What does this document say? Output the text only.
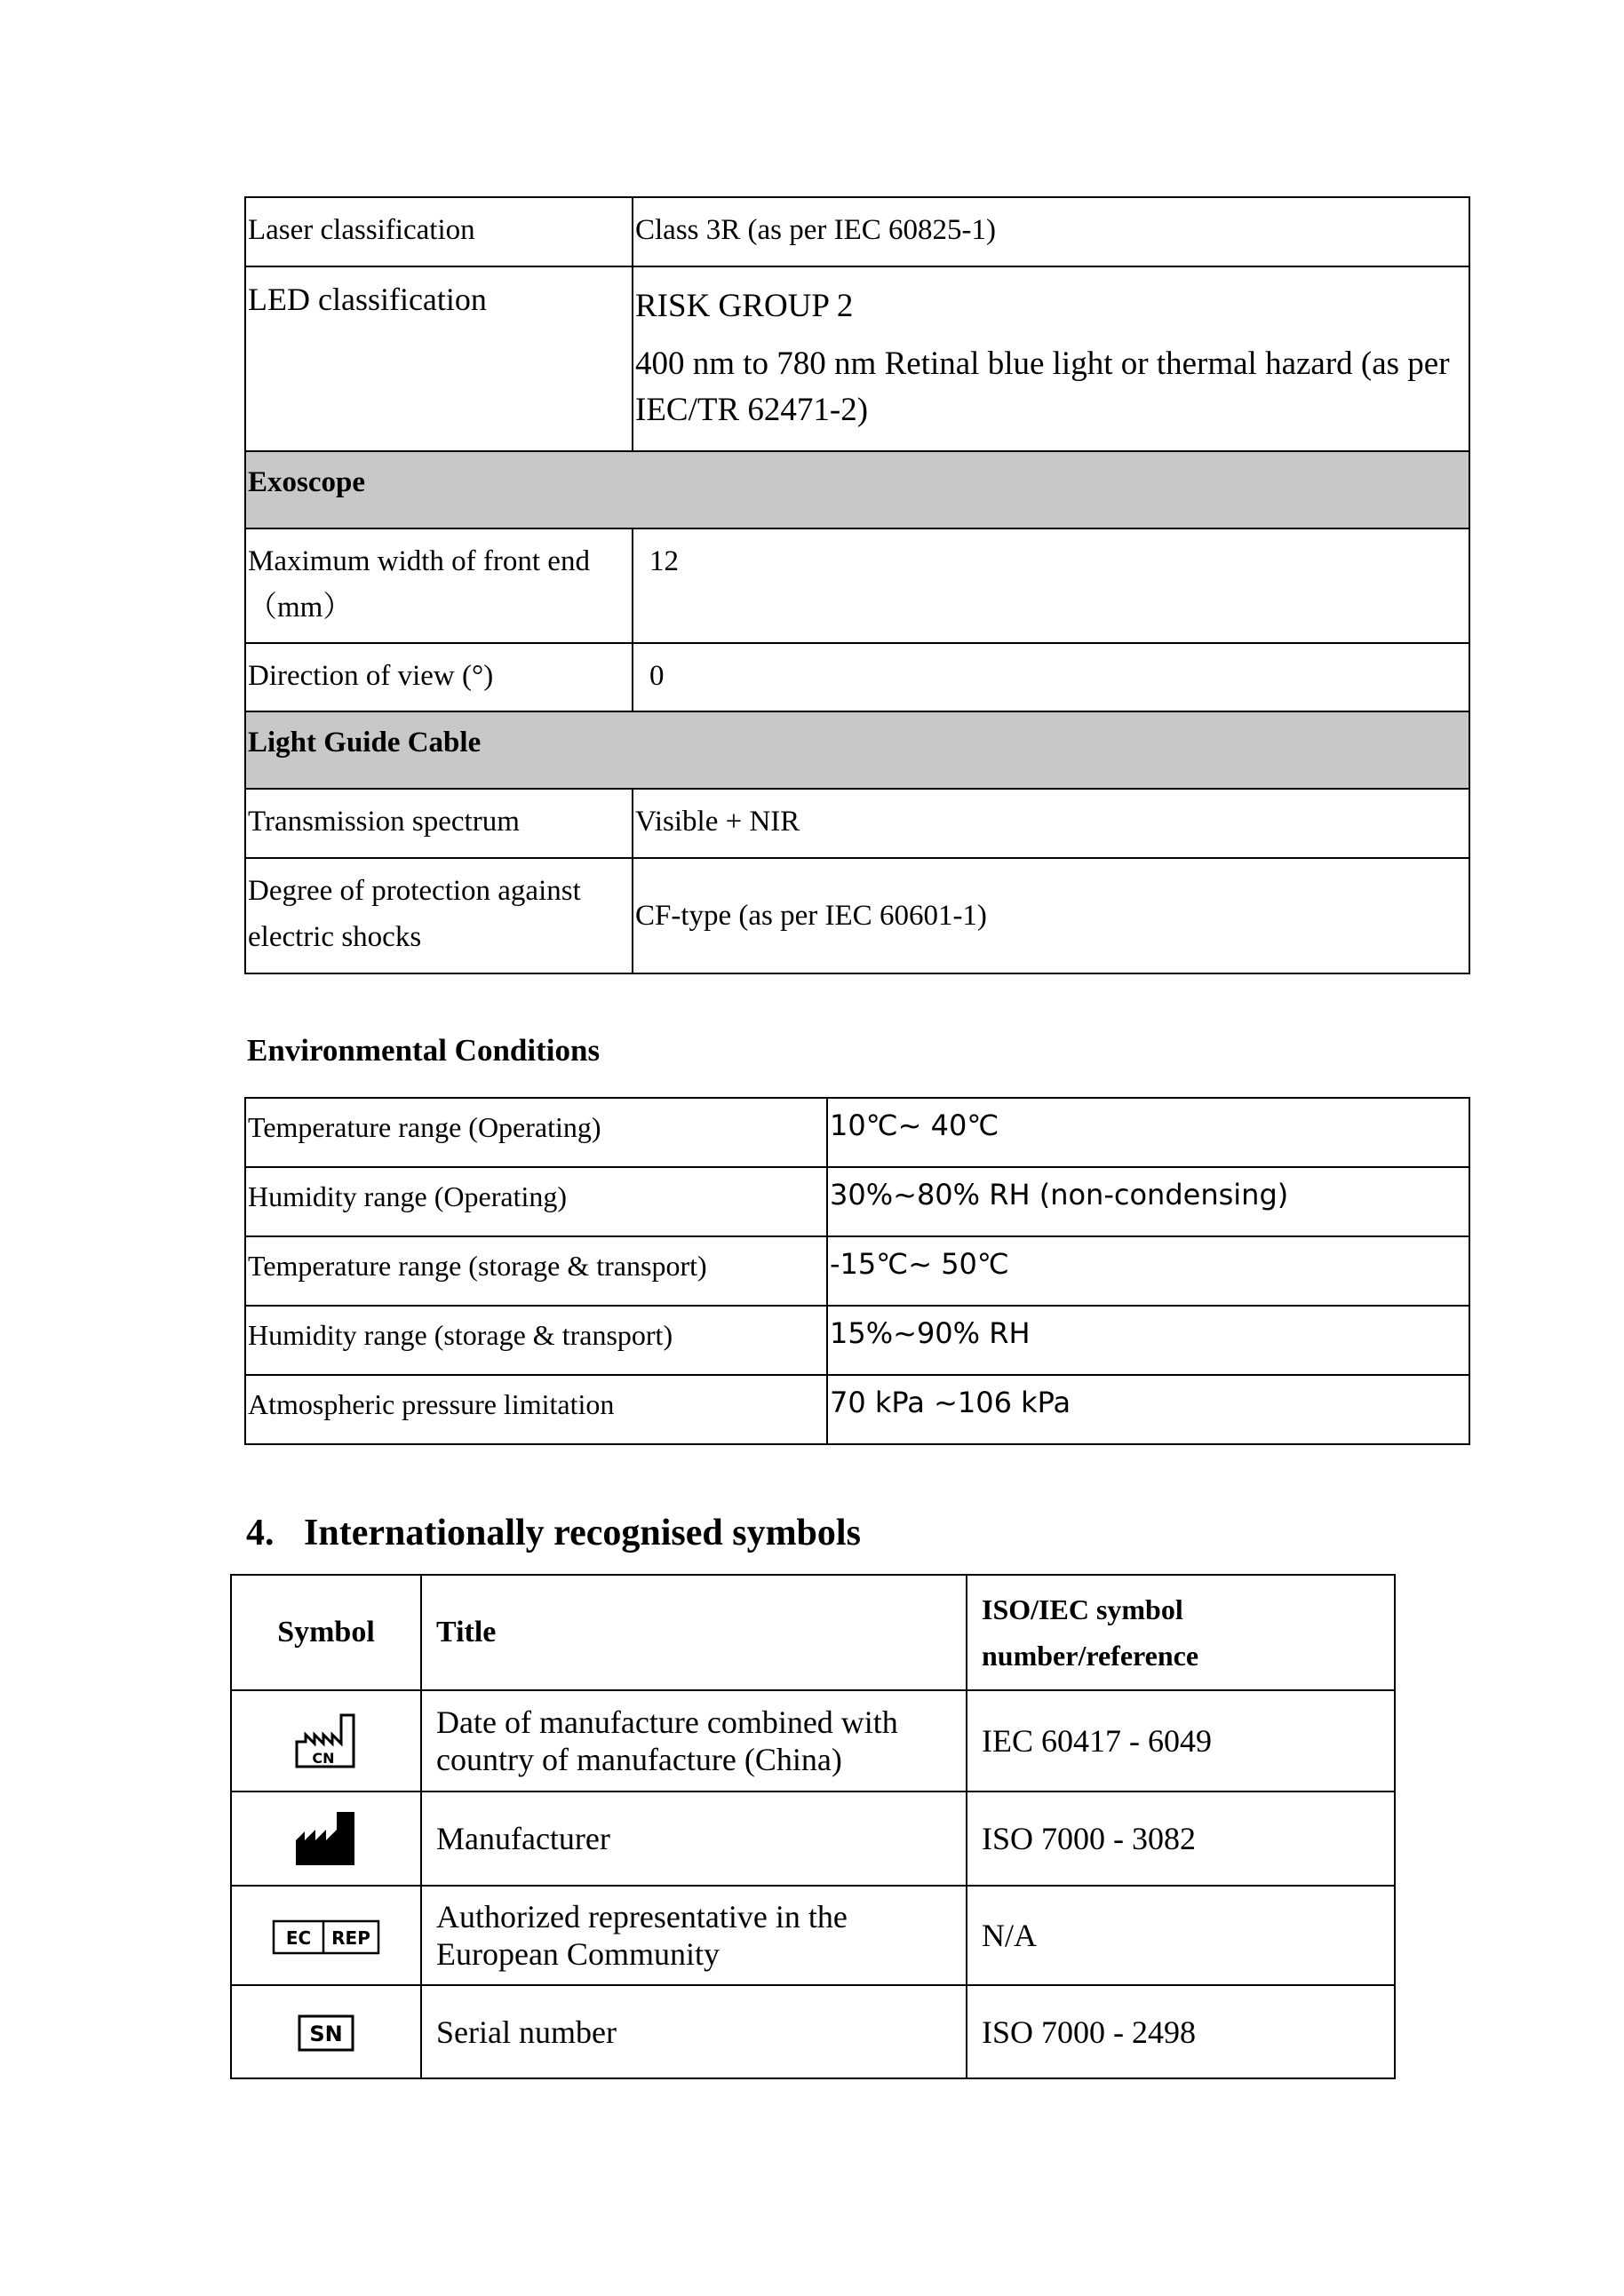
Laser classification	Class 3R (as per IEC 60825-1)
LED classification	RISK GROUP 2

400 nm to 780 nm Retinal blue light or thermal hazard (as per IEC/TR 62471-2)

Exoscope	
Maximum width of front end （mm）	12
Direction of view (°)	0
Light Guide Cable	
Transmission spectrum	Visible + NIR
Degree of protection against electric shocks	CF-type (as per IEC 60601-1)
Environmental Conditions
Temperature range (Operating)	10℃~ 40℃
Humidity range (Operating)	30%~80% RH (non-condensing)
Temperature range (storage & transport)	-15℃~ 50℃
Humidity range (storage & transport)	15%~90% RH
Atmospheric pressure limitation	70 kPa ~106 kPa
4. Internationally recognised symbols
Symbol	Title	ISO/IEC symbol number/reference

CN	Date of manufacture combined with country of manufacture (China)	IEC 60417 - 6049
	Manufacturer	ISO 7000 - 3082

EC REP	Authorized representative in the European Community	N/A

SN	Serial number	ISO 7000 - 2498
